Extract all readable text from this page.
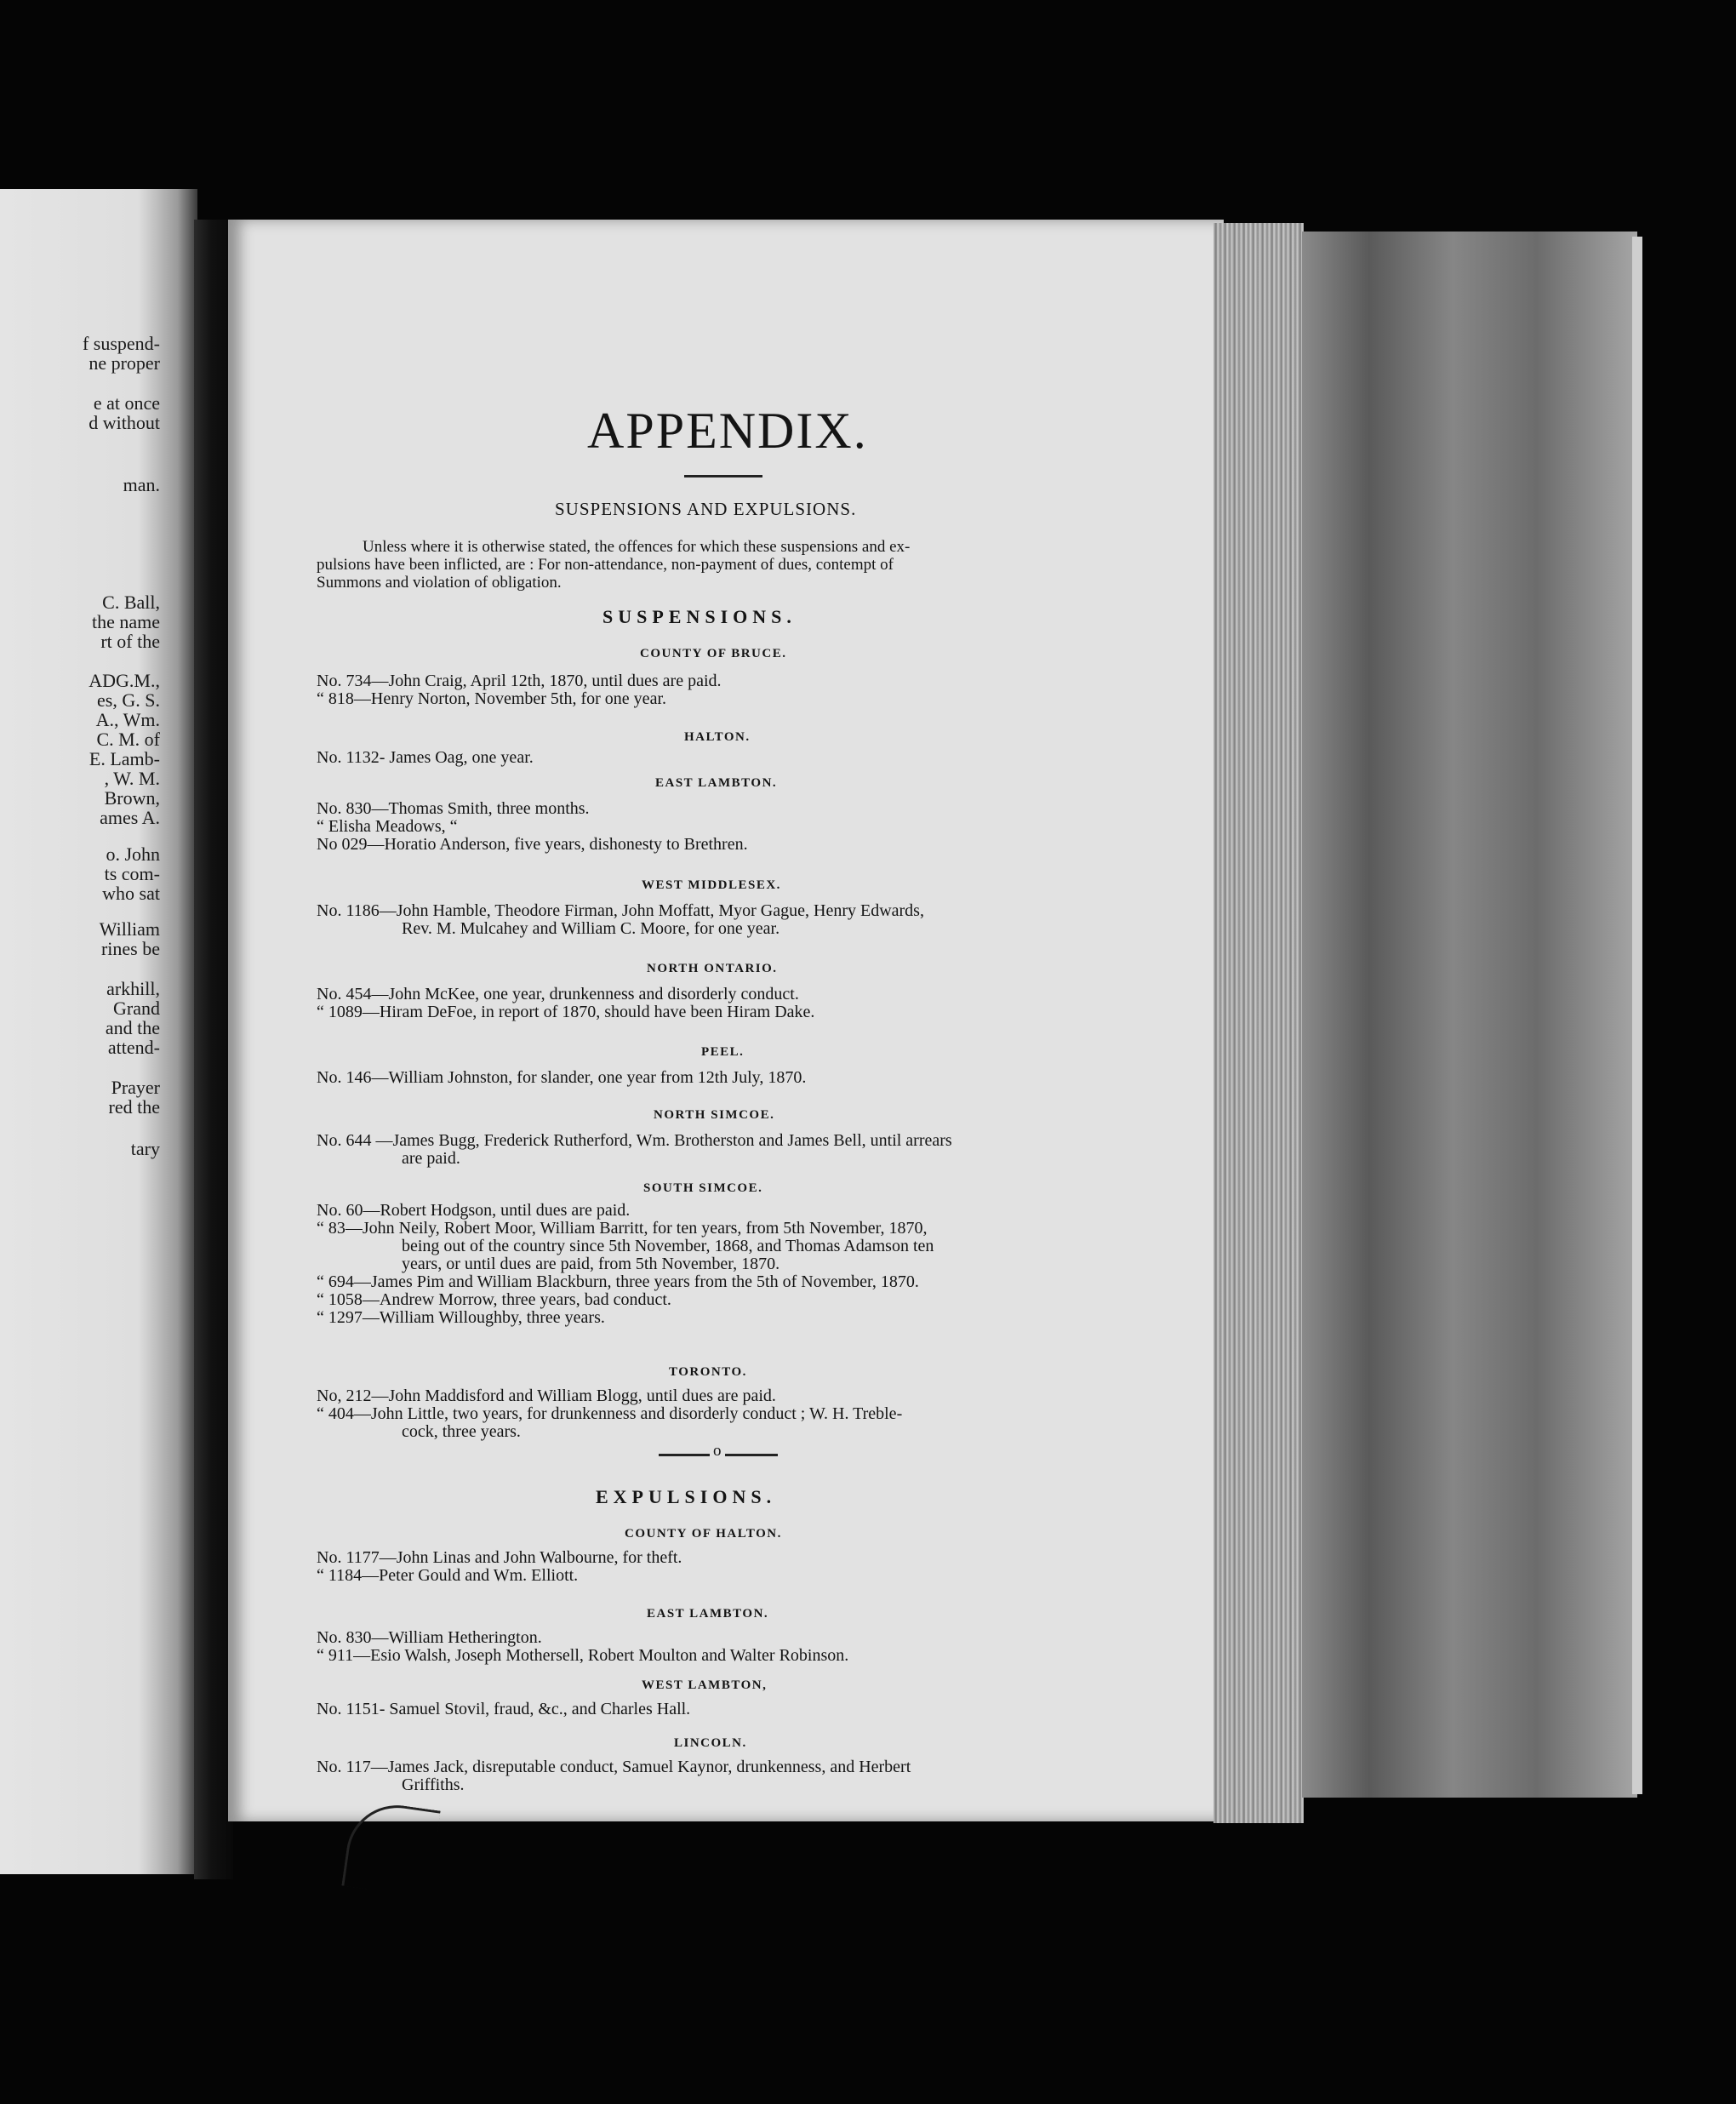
f suspend-

ne proper

e at once

d without

man.

C. Ball,

the name

rt of the

ADG.M.,

es, G. S.

A., Wm.

C. M. of

E. Lamb-

, W. M.

Brown,

ames A.

o. John

ts com-

who sat

William

rines be

arkhill,

Grand

and the

attend-

Prayer

red the

tary

APPENDIX.

SUSPENSIONS AND EXPULSIONS.

Unless where it is otherwise stated, the offences for which these suspensions and ex-

pulsions have been inflicted, are : For non-attendance, non-payment of dues, contempt of

Summons and violation of obligation.

SUSPENSIONS.

COUNTY OF BRUCE.

No. 734—John Craig, April 12th, 1870, until dues are paid.

“ 818—Henry Norton, November 5th, for one year.

HALTON.

No. 1132- James Oag, one year.

EAST LAMBTON.

No. 830—Thomas Smith, three months.

“ Elisha Meadows, “

No 029—Horatio Anderson, five years, dishonesty to Brethren.

WEST MIDDLESEX.

No. 1186—John Hamble, Theodore Firman, John Moffatt, Myor Gague, Henry Edwards,

Rev. M. Mulcahey and William C. Moore, for one year.

NORTH ONTARIO.

No. 454—John McKee, one year, drunkenness and disorderly conduct.

“ 1089—Hiram DeFoe, in report of 1870, should have been Hiram Dake.

PEEL.

No. 146—William Johnston, for slander, one year from 12th July, 1870.

NORTH SIMCOE.

No. 644 —James Bugg, Frederick Rutherford, Wm. Brotherston and James Bell, until arrears

are paid.

SOUTH SIMCOE.

No. 60—Robert Hodgson, until dues are paid.

“ 83—John Neily, Robert Moor, William Barritt, for ten years, from 5th November, 1870,

being out of the country since 5th November, 1868, and Thomas Adamson ten

years, or until dues are paid, from 5th November, 1870.

“ 694—James Pim and William Blackburn, three years from the 5th of November, 1870.

“ 1058—Andrew Morrow, three years, bad conduct.

“ 1297—William Willoughby, three years.

TORONTO.

No, 212—John Maddisford and William Blogg, until dues are paid.

“ 404—John Little, two years, for drunkenness and disorderly conduct ; W. H. Treble-

cock, three years.

o

EXPULSIONS.

COUNTY OF HALTON.

No. 1177—John Linas and John Walbourne, for theft.

“ 1184—Peter Gould and Wm. Elliott.

EAST LAMBTON.

No. 830—William Hetherington.

“ 911—Esio Walsh, Joseph Mothersell, Robert Moulton and Walter Robinson.

WEST LAMBTON,

No. 1151- Samuel Stovil, fraud, &c., and Charles Hall.

LINCOLN.

No. 117—James Jack, disreputable conduct, Samuel Kaynor, drunkenness, and Herbert

Griffiths.
